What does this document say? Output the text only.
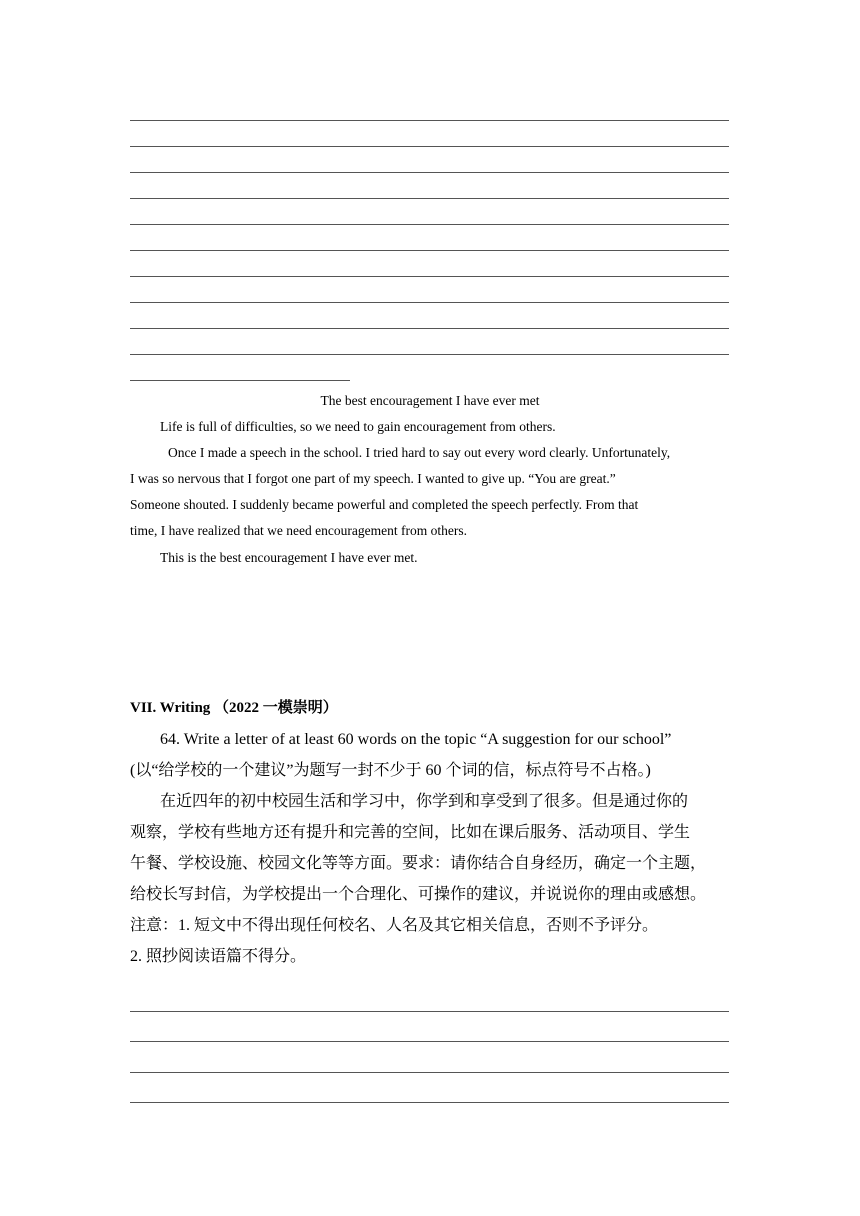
The best encouragement I have ever met
Life is full of difficulties, so we need to gain encouragement from others.
Once I made a speech in the school. I tried hard to say out every word clearly. Unfortunately,
I was so nervous that I forgot one part of my speech. I wanted to give up. “You are great.”
Someone shouted. I suddenly became powerful and completed the speech perfectly. From that
time, I have realized that we need encouragement from others.
This is the best encouragement I have ever met.
VII. Writing （2022 一模崇明）
64. Write a letter of at least 60 words on the topic “A suggestion for our school”
(以“给学校的一个建议”为题写一封不少于 60 个词的信，标点符号不占格。)
在近四年的初中校园生活和学习中，你学到和享受到了很多。但是通过你的
观察，学校有些地方还有提升和完善的空间，比如在课后服务、活动项目、学生
午餐、学校设施、校园文化等等方面。要求：请你结合自身经历，确定一个主题，
给校长写封信，为学校提出一个合理化、可操作的建议，并说说你的理由或感想。
注意：1. 短文中不得出现任何校名、人名及其它相关信息，否则不予评分。
2. 照抄阅读语篇不得分。
